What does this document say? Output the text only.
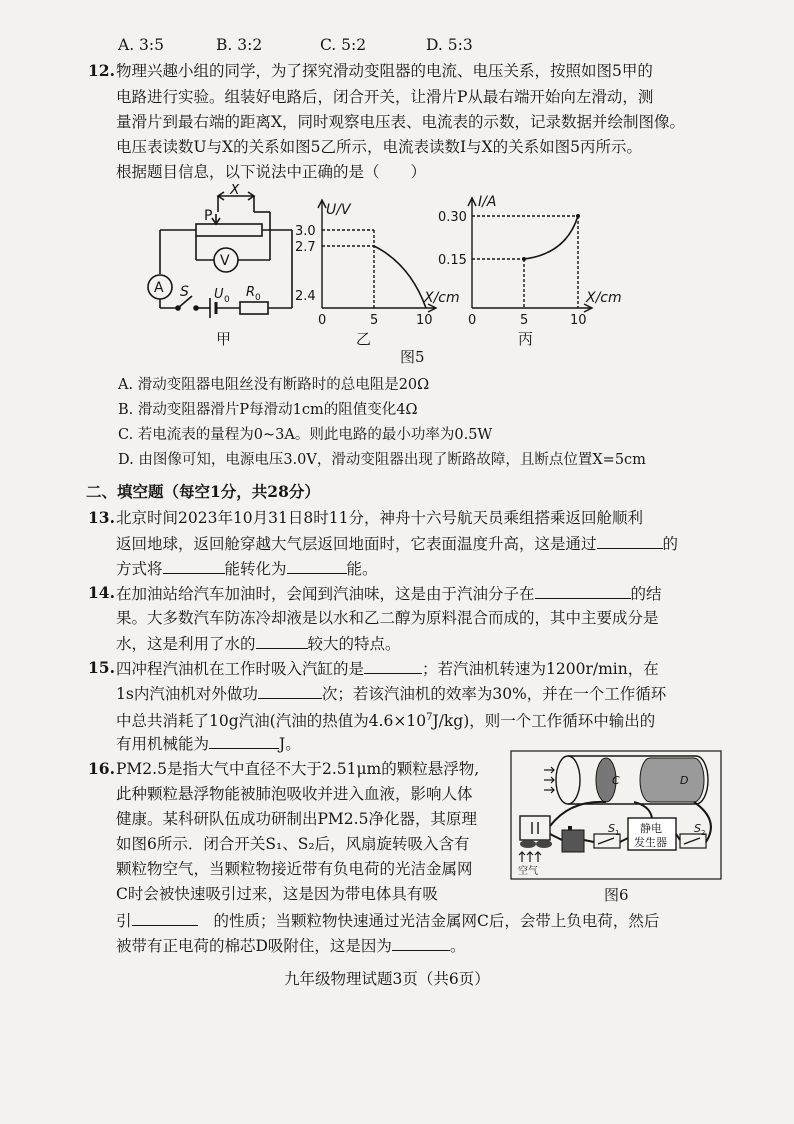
A. 3:5	B. 3:2	C. 5:2	D. 5:3
12. 物理兴趣小组的同学，为了探究滑动变阻器的电流、电压关系，按照如图5甲的
电路进行实验。组装好电路后，闭合开关，让滑片P从最右端开始向左滑动，测
量滑片到最右端的距离X，同时观察电压表、电流表的示数，记录数据并绘制图像。
电压表读数U与X的关系如图5乙所示，电流表读数I与X的关系如图5丙所示。
根据题目信息，以下说法中正确的是（　　）
X
P
V
A S U 0 R 0
甲
U/V
3.0
2.7
2.4
0	5	10
X/cm
乙
I/A
0.30
0.15
0	5	10
X/cm
丙
图5
A. 滑动变阻器电阻丝没有断路时的总电阻是20Ω
B. 滑动变阻器滑片P每滑动1cm的阻值变化4Ω
C. 若电流表的量程为0~3A。则此电路的最小功率为0.5W
D. 由图像可知，电源电压3.0V，滑动变阻器出现了断路故障，且断点位置X=5cm
二、填空题（每空1分，共28分）
13. 北京时间2023年10月31日8时11分，神舟十六号航天员乘组搭乘返回舱顺利
返回地球，返回舱穿越大气层返回地面时，它表面温度升高，这是通过	的
方式将	能转化为	能。
14. 在加油站给汽车加油时，会闻到汽油味，这是由于汽油分子在	的结
果。大多数汽车防冻冷却液是以水和乙二醇为原料混合而成的，其中主要成分是
水，这是利用了水的	较大的特点。
15. 四冲程汽油机在工作时吸入汽缸的是	；若汽油机转速为1200r/min，在
1s内汽油机对外做功	次；若该汽油机的效率为30%，并在一个工作循环
中总共消耗了10g汽油(汽油的热值为$4.6\times 10^7J/kg$)，则一个工作循环中输出的
有用机械能为	J。
16. PM2.5是指大气中直径不大于2.51μm的颗粒悬浮物,
此种颗粒悬浮物能被肺泡吸收并进入血液，影响人体
健康。某科研队伍成功研制出PM2.5净化器，其原理
如图6所示．闭合开关S₁、S₂后，风扇旋转吸入含有
颗粒物空气，当颗粒物接近带有负电荷的光洁金属网
C时会被快速吸引过来，这是因为带电体具有吸
引	的性质；当颗粒物快速通过光洁金属网C后，会带上负电荷，然后
被带有正电荷的棉芯D吸附住，这是因为	。
C	D
S 1	S 2
静电
发生器
空气
图6
九年级物理试题3页（共6页）
